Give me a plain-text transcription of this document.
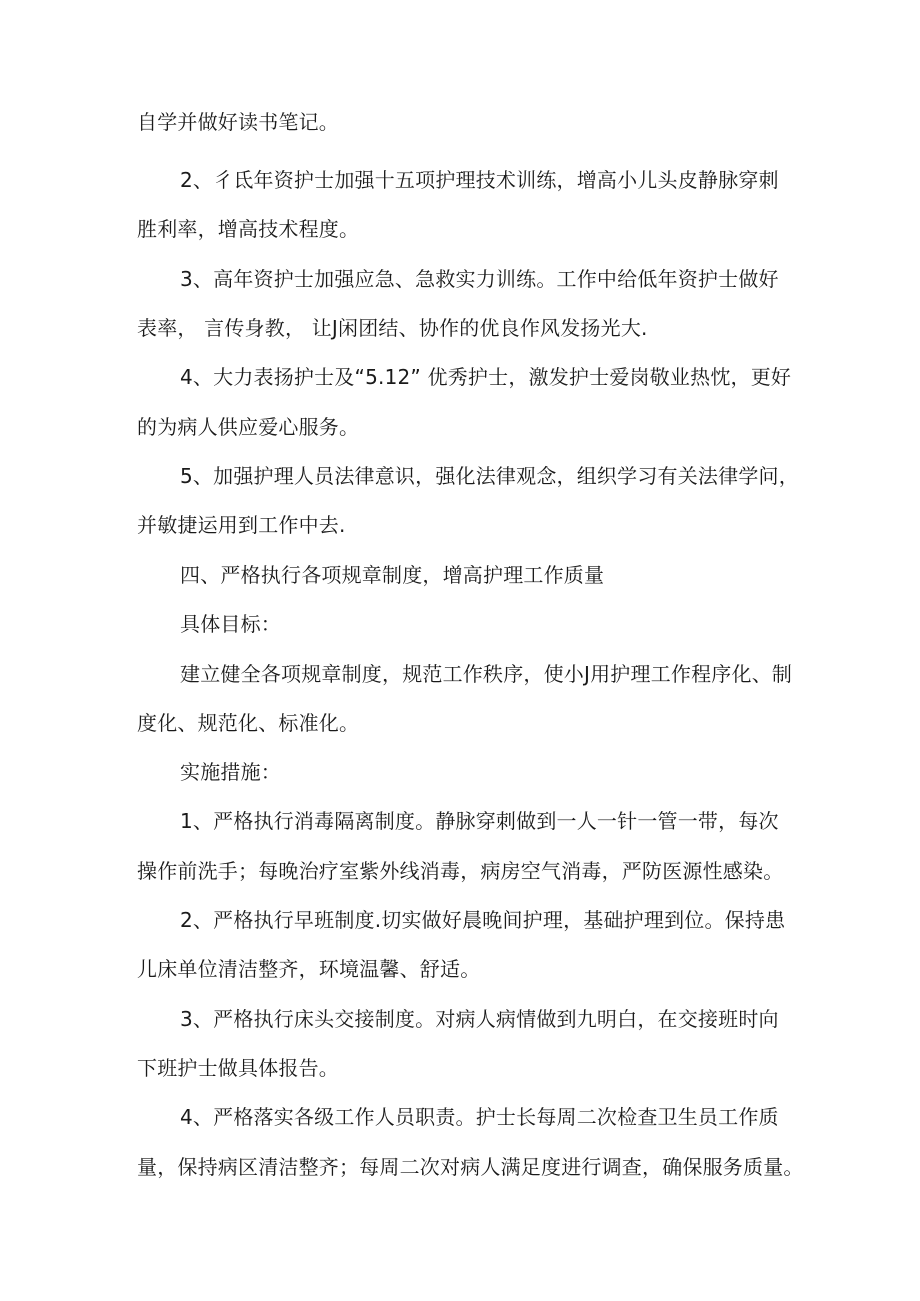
自学并做好读书笔记。
2、彳氐年资护士加强十五项护理技术训练，增高小儿头皮静脉穿刺
胜利率，增高技术程度。
3、高年资护士加强应急、急救实力训练。工作中给低年资护士做好
表率， 言传身教， 让J闲团结、协作的优良作风发扬光大.
4、大力表扬护士及“5.12” 优秀护士，激发护士爱岗敬业热忱，更好
的为病人供应爱心服务。
5、加强护理人员法律意识，强化法律观念，组织学习有关法律学问，
并敏捷运用到工作中去.
四、严格执行各项规章制度，增高护理工作质量
具体目标：
建立健全各项规章制度，规范工作秩序，使小J用护理工作程序化、制
度化、规范化、标准化。
实施措施：
1、严格执行消毒隔离制度。静脉穿刺做到一人一针一管一带，每次
操作前洗手；每晚治疗室紫外线消毒，病房空气消毒，严防医源性感染。
2、严格执行早班制度.切实做好晨晚间护理，基础护理到位。保持患
儿床单位清洁整齐，环境温馨、舒适。
3、严格执行床头交接制度。对病人病情做到九明白，在交接班时向
下班护士做具体报告。
4、严格落实各级工作人员职责。护士长每周二次检查卫生员工作质
量，保持病区清洁整齐；每周二次对病人满足度进行调查，确保服务质量。
